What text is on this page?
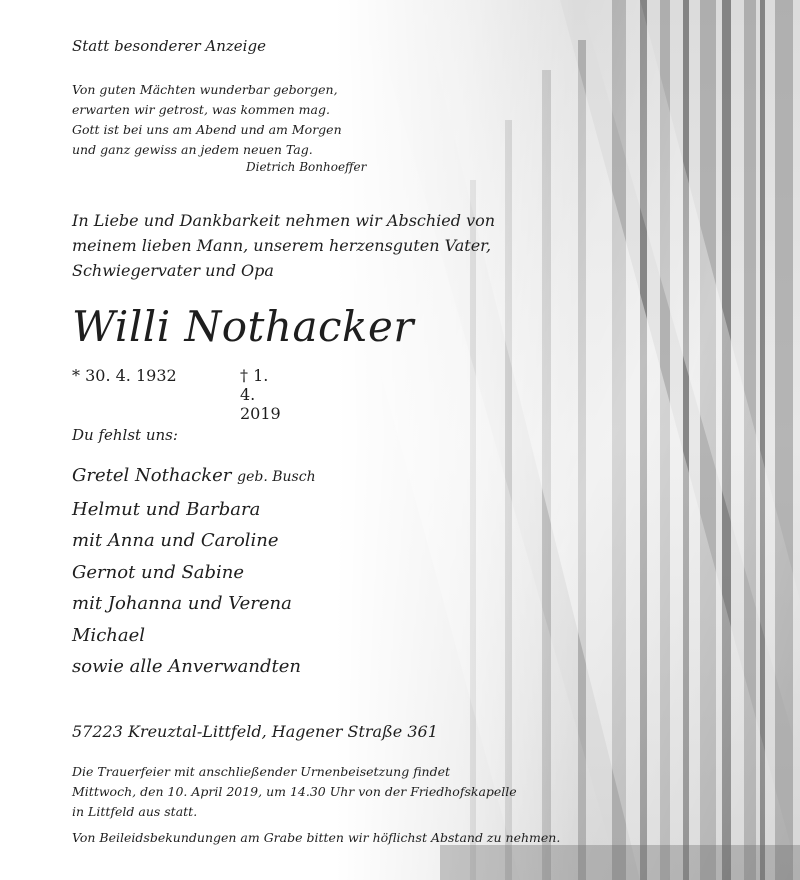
Statt besonderer Anzeige

Von guten Mächten wunderbar geborgen,

erwarten wir getrost, was kommen mag.

Gott ist bei uns am Abend und am Morgen

und ganz gewiss an jedem neuen Tag.

Dietrich Bonhoeffer

In Liebe und Dankbarkeit nehmen wir Abschied von

meinem lieben Mann, unserem herzensguten Vater,

Schwiegervater und Opa

Willi Nothacker

* 30. 4. 1932	† 1. 4. 2019

Du fehlst uns:

Gretel Nothacker geb. Busch

Helmut und Barbara

mit Anna und Caroline

Gernot und Sabine

mit Johanna und Verena

Michael

sowie alle Anverwandten

57223 Kreuztal-Littfeld, Hagener Straße 361

Die Trauerfeier mit anschließender Urnenbeisetzung findet

Mittwoch, den 10. April 2019, um 14.30 Uhr von der Friedhofskapelle

in Littfeld aus statt.

Von Beileidsbekundungen am Grabe bitten wir höflichst Abstand zu nehmen.
